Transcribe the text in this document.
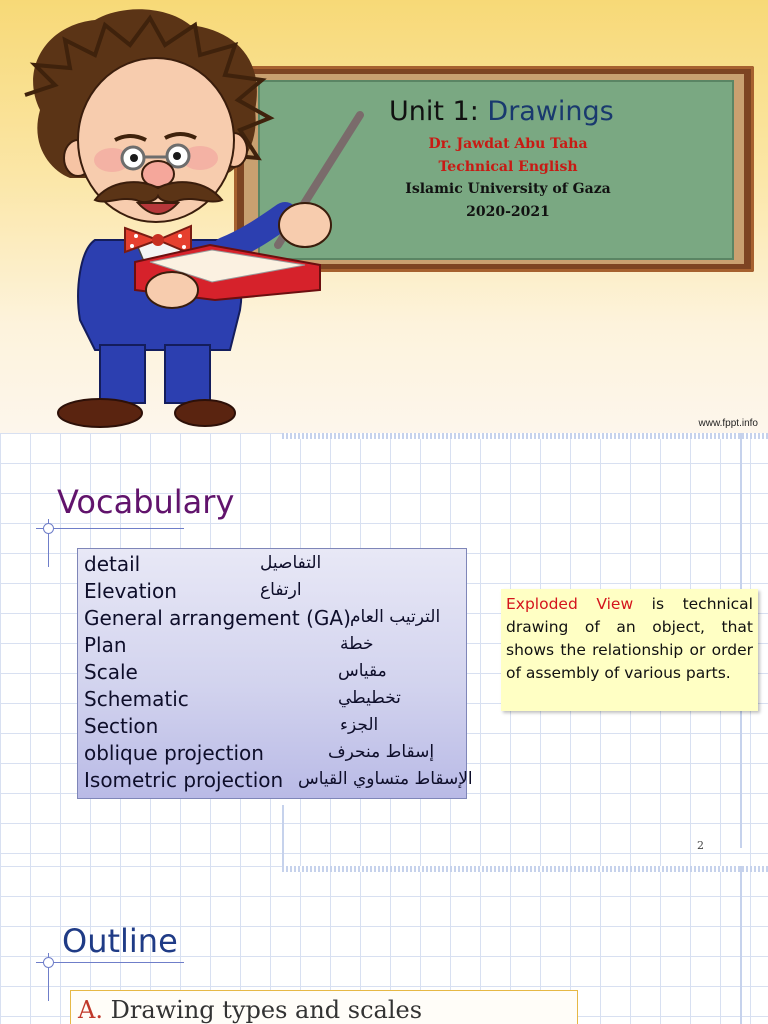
Unit 1: Drawings
Dr. Jawdat Abu Taha
Technical English
Islamic University of Gaza
2020-2021
www.fppt.info
Vocabulary
detail	التفاصيل
Elevation	ارتفاع
General arrangement (GA) الترتيب العام
Plan	خطة
Scale	مقياس
Schematic	تخطيطي
Section	الجزء
oblique projection	إسقاط منحرف
Isometric projection الإسقاط متساوي القياس
Exploded View is technical drawing of an object, that shows the relationship or order of assembly of various parts.
2
Outline
A. Drawing types and scales
